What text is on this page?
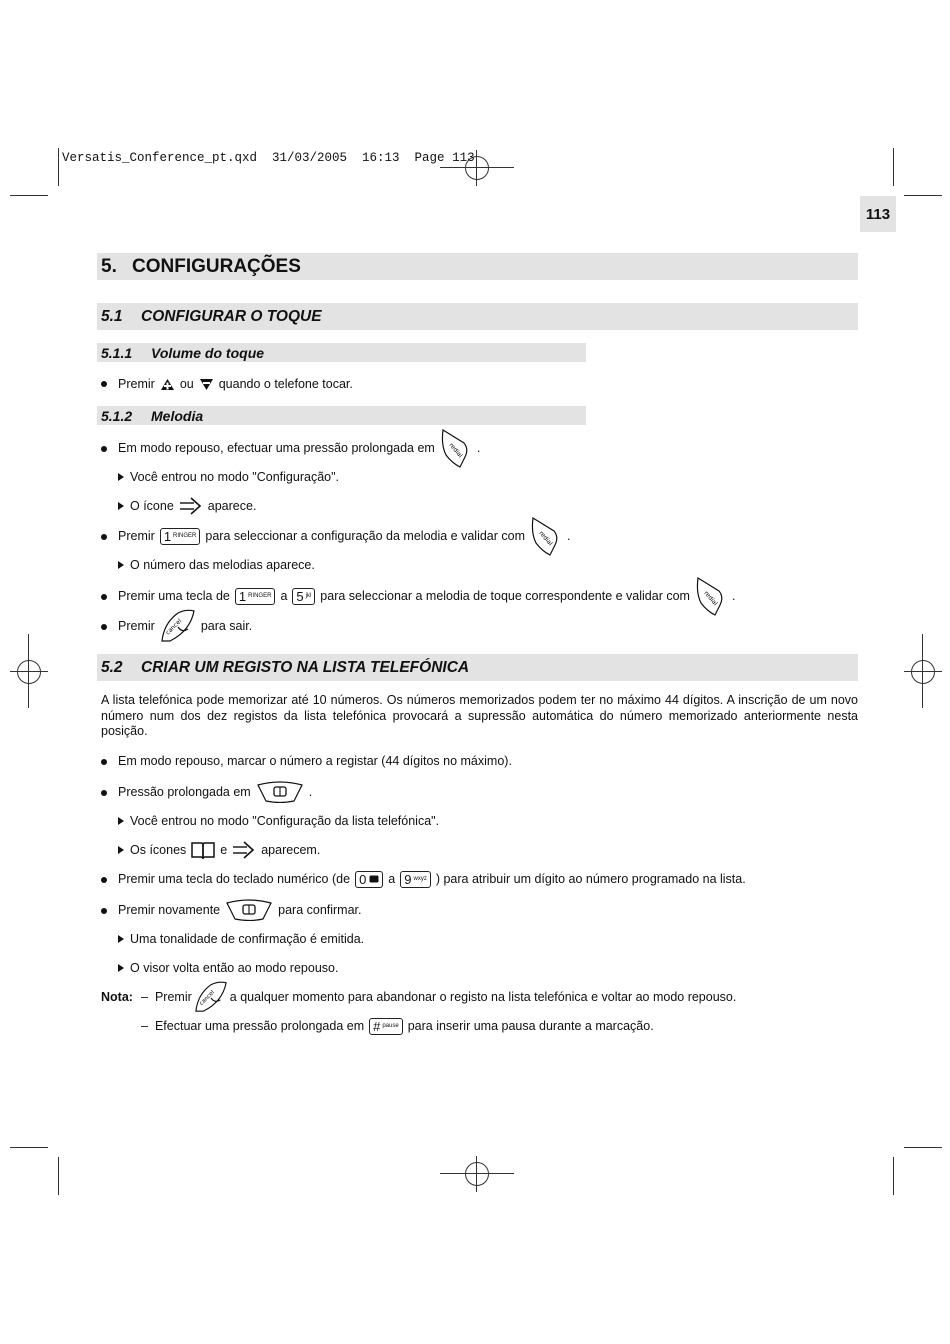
Versatis_Conference_pt.qxd  31/03/2005  16:13  Page 113
113
5. CONFIGURAÇÕES
5.1	CONFIGURAR O TOQUE
5.1.1	Volume do toque
Premir ou quando o telefone tocar.
5.1.2	Melodia
Em modo repouso, efectuar uma pressão prolongada em redial .
Você entrou no modo "Configuração".
O ícone	aparece.
Premir 1 RINGER para seleccionar a configuração da melodia e validar com redial .
O número das melodias aparece.
Premir uma tecla de 1 RINGER a 5 jkl para seleccionar a melodia de toque correspondente e validar com redial .
Premir cancel para sair.
5.2	CRIAR UM REGISTO NA LISTA TELEFÓNICA
A lista telefónica pode memorizar até 10 números. Os números memorizados podem ter no máximo 44 dígitos. A inscrição de um novo número num dos dez registos da lista telefónica provocará a supressão automática do número memorizado anteriormente nesta posição.
Em modo repouso, marcar o número a registar (44 dígitos no máximo).
Pressão prolongada em	.
Você entrou no modo "Configuração da lista telefónica".
Os ícones	e	aparecem.
Premir uma tecla do teclado numérico (de 0 a 9 wxyz ) para atribuir um dígito ao número programado na lista.
Premir novamente	para confirmar.
Uma tonalidade de confirmação é emitida.
O visor volta então ao modo repouso.
Nota: – Premir cancel a qualquer momento para abandonar o registo na lista telefónica e voltar ao modo repouso.
– Efectuar uma pressão prolongada em # pause para inserir uma pausa durante a marcação.
